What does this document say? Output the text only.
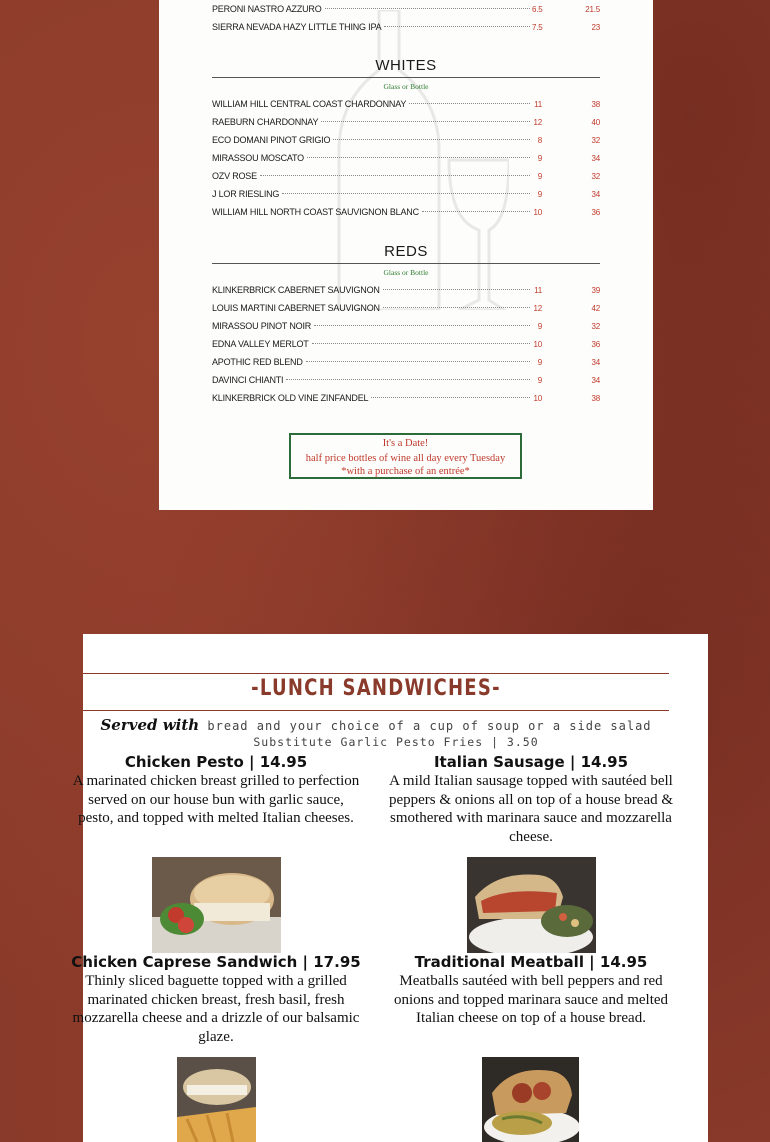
PERONI NASTRO AZZURO	6.5	21.5
SIERRA NEVADA HAZY LITTLE THING IPA	7.5	23
WHITES
Glass or Bottle
WILLIAM HILL CENTRAL COAST CHARDONNAY	11	38
RAEBURN CHARDONNAY	12	40
ECO DOMANI PINOT GRIGIO	8	32
MIRASSOU MOSCATO	9	34
OZV ROSE	9	32
J LOR RIESLING	9	34
WILLIAM HILL NORTH COAST SAUVIGNON BLANC	10	36
REDS
Glass or Bottle
KLINKERBRICK CABERNET SAUVIGNON	11	39
LOUIS MARTINI CABERNET SAUVIGNON	12	42
MIRASSOU PINOT NOIR	9	32
EDNA VALLEY MERLOT	10	36
APOTHIC RED BLEND	9	34
DAVINCI CHIANTI	9	34
KLINKERBRICK OLD VINE ZINFANDEL	10	38
It's a Date!
half price bottles of wine all day every Tuesday
*with a purchase of an entrée*
-LUNCH SANDWICHES-
Served with bread and your choice of a cup of soup or a side salad
Substitute Garlic Pesto Fries | 3.50
Chicken Pesto | 14.95
A marinated chicken breast grilled to perfection served on our house bun with garlic sauce, pesto, and topped with melted Italian cheeses.
Italian Sausage | 14.95
A mild Italian sausage topped with sautéed bell peppers & onions all on top of a house bread & smothered with marinara sauce and mozzarella cheese.
Chicken Caprese Sandwich | 17.95
Thinly sliced baguette topped with a grilled marinated chicken breast, fresh basil, fresh mozzarella cheese and a drizzle of our balsamic glaze.
Traditional Meatball | 14.95
Meatballs sautéed with bell peppers and red onions and topped marinara sauce and melted Italian cheese on top of a house bread.
